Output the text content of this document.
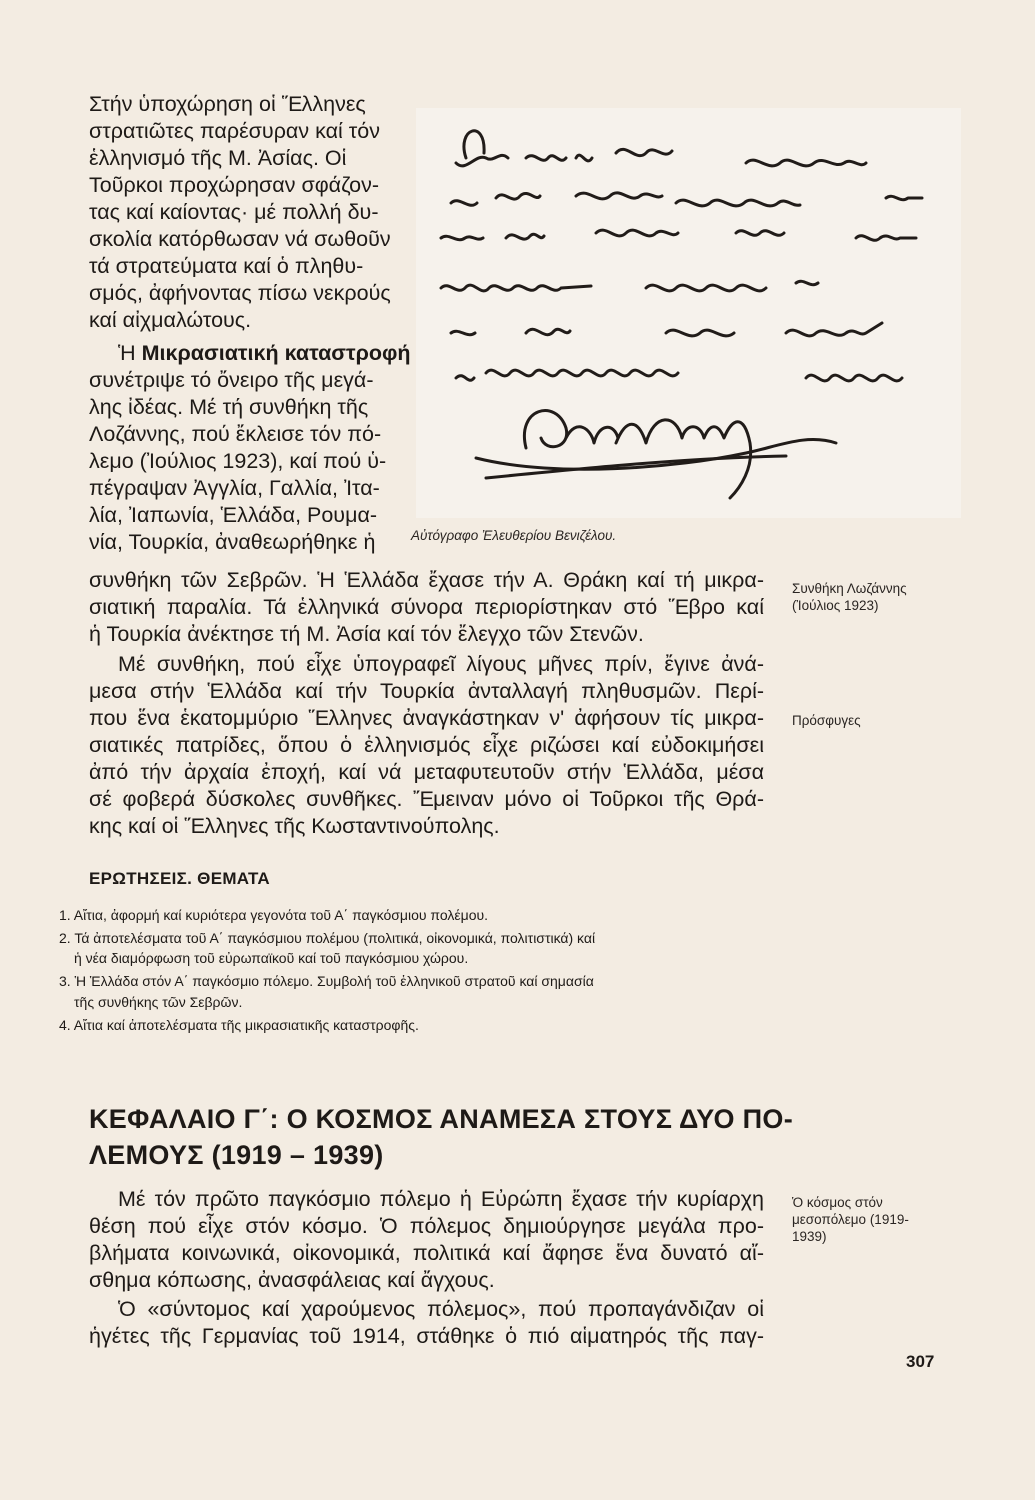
Στήν ὑποχώρηση οἱ Ἕλληνες
στρατιῶτες παρέσυραν καί τόν
ἑλληνισμό τῆς Μ. Ἀσίας. Οἱ
Τοῦρκοι προχώρησαν σφάζον-
τας καί καίοντας· μέ πολλή δυ-
σκολία κατόρθωσαν νά σωθοῦν
τά στρατεύματα καί ὁ πληθυ-
σμός, ἀφήνοντας πίσω νεκρούς
καί αἰχμαλώτους.
Ἡ Μικρασιατική καταστροφή
συνέτριψε τό ὄνειρο τῆς μεγά-
λης ἰδέας. Μέ τή συνθήκη τῆς
Λοζάννης, πού ἔκλεισε τόν πό-
λεμο (Ἰούλιος 1923), καί πού ὑ-
πέγραψαν Ἀγγλία, Γαλλία, Ἰτα-
λία, Ἰαπωνία, Ἑλλάδα, Ρουμα-
νία, Τουρκία, ἀναθεωρήθηκε ἡ	Αὐτόγραφο Ἐλευθερίου Βενιζέλου.
συνθήκη τῶν Σεβρῶν. Ἡ Ἑλλάδα ἔχασε τήν Α. Θράκη καί τή μικρα-
σιατική παραλία. Τά ἑλληνικά σύνορα περιορίστηκαν στό Ἕβρο καί
ἡ Τουρκία ἀνέκτησε τή Μ. Ἀσία καί τόν ἔλεγχο τῶν Στενῶν.
Μέ συνθήκη, πού εἶχε ὑπογραφεῖ λίγους μῆνες πρίν, ἔγινε ἀνά-
μεσα στήν Ἑλλάδα καί τήν Τουρκία ἀνταλλαγή πληθυσμῶν. Περί-
που ἕνα ἑκατομμύριο Ἕλληνες ἀναγκάστηκαν ν' ἀφήσουν τίς μικρα-
σιατικές πατρίδες, ὅπου ὁ ἑλληνισμός εἶχε ριζώσει καί εὐδοκιμήσει
ἀπό τήν ἀρχαία ἐποχή, καί νά μεταφυτευτοῦν στήν Ἑλλάδα, μέσα
σέ φοβερά δύσκολες συνθῆκες. Ἔμειναν μόνο οἱ Τοῦρκοι τῆς Θρά-
κης καί οἱ Ἕλληνες τῆς Κωσταντινούπολης.
Συνθήκη Λωζάννης
(Ἰούλιος 1923)
Πρόσφυγες
Ὁ κόσμος στόν
μεσοπόλεμο (1919-
1939)
ΕΡΩΤΗΣΕΙΣ. ΘΕΜΑΤΑ
1. Αἴτια, ἀφορμή καί κυριότερα γεγονότα τοῦ Α΄ παγκόσμιου πολέμου.
2. Τά ἀποτελέσματα τοῦ Α΄ παγκόσμιου πολέμου (πολιτικά, οἰκονομικά, πολιτιστικά) καί
ἡ νέα διαμόρφωση τοῦ εὐρωπαϊκοῦ καί τοῦ παγκόσμιου χώρου.
3. Ἡ Ἑλλάδα στόν Α΄ παγκόσμιο πόλεμο. Συμβολή τοῦ ἑλληνικοῦ στρατοῦ καί σημασία
τῆς συνθήκης τῶν Σεβρῶν.
4. Αἴτια καί ἀποτελέσματα τῆς μικρασιατικῆς καταστροφῆς.
ΚΕΦΑΛΑΙΟ Γ΄: Ο ΚΟΣΜΟΣ ΑΝΑΜΕΣΑ ΣΤΟΥΣ ΔΥΟ ΠΟ-
ΛΕΜΟΥΣ (1919 – 1939)
Μέ τόν πρῶτο παγκόσμιο πόλεμο ἡ Εὐρώπη ἔχασε τήν κυρίαρχη
θέση πού εἶχε στόν κόσμο. Ὁ πόλεμος δημιούργησε μεγάλα προ-
βλήματα κοινωνικά, οἰκονομικά, πολιτικά καί ἄφησε ἕνα δυνατό αἴ-
σθημα κόπωσης, ἀνασφάλειας καί ἄγχους.
Ὁ «σύντομος καί χαρούμενος πόλεμος», πού προπαγάνδιζαν οἱ
ἡγέτες τῆς Γερμανίας τοῦ 1914, στάθηκε ὁ πιό αἱματηρός τῆς παγ-
307
